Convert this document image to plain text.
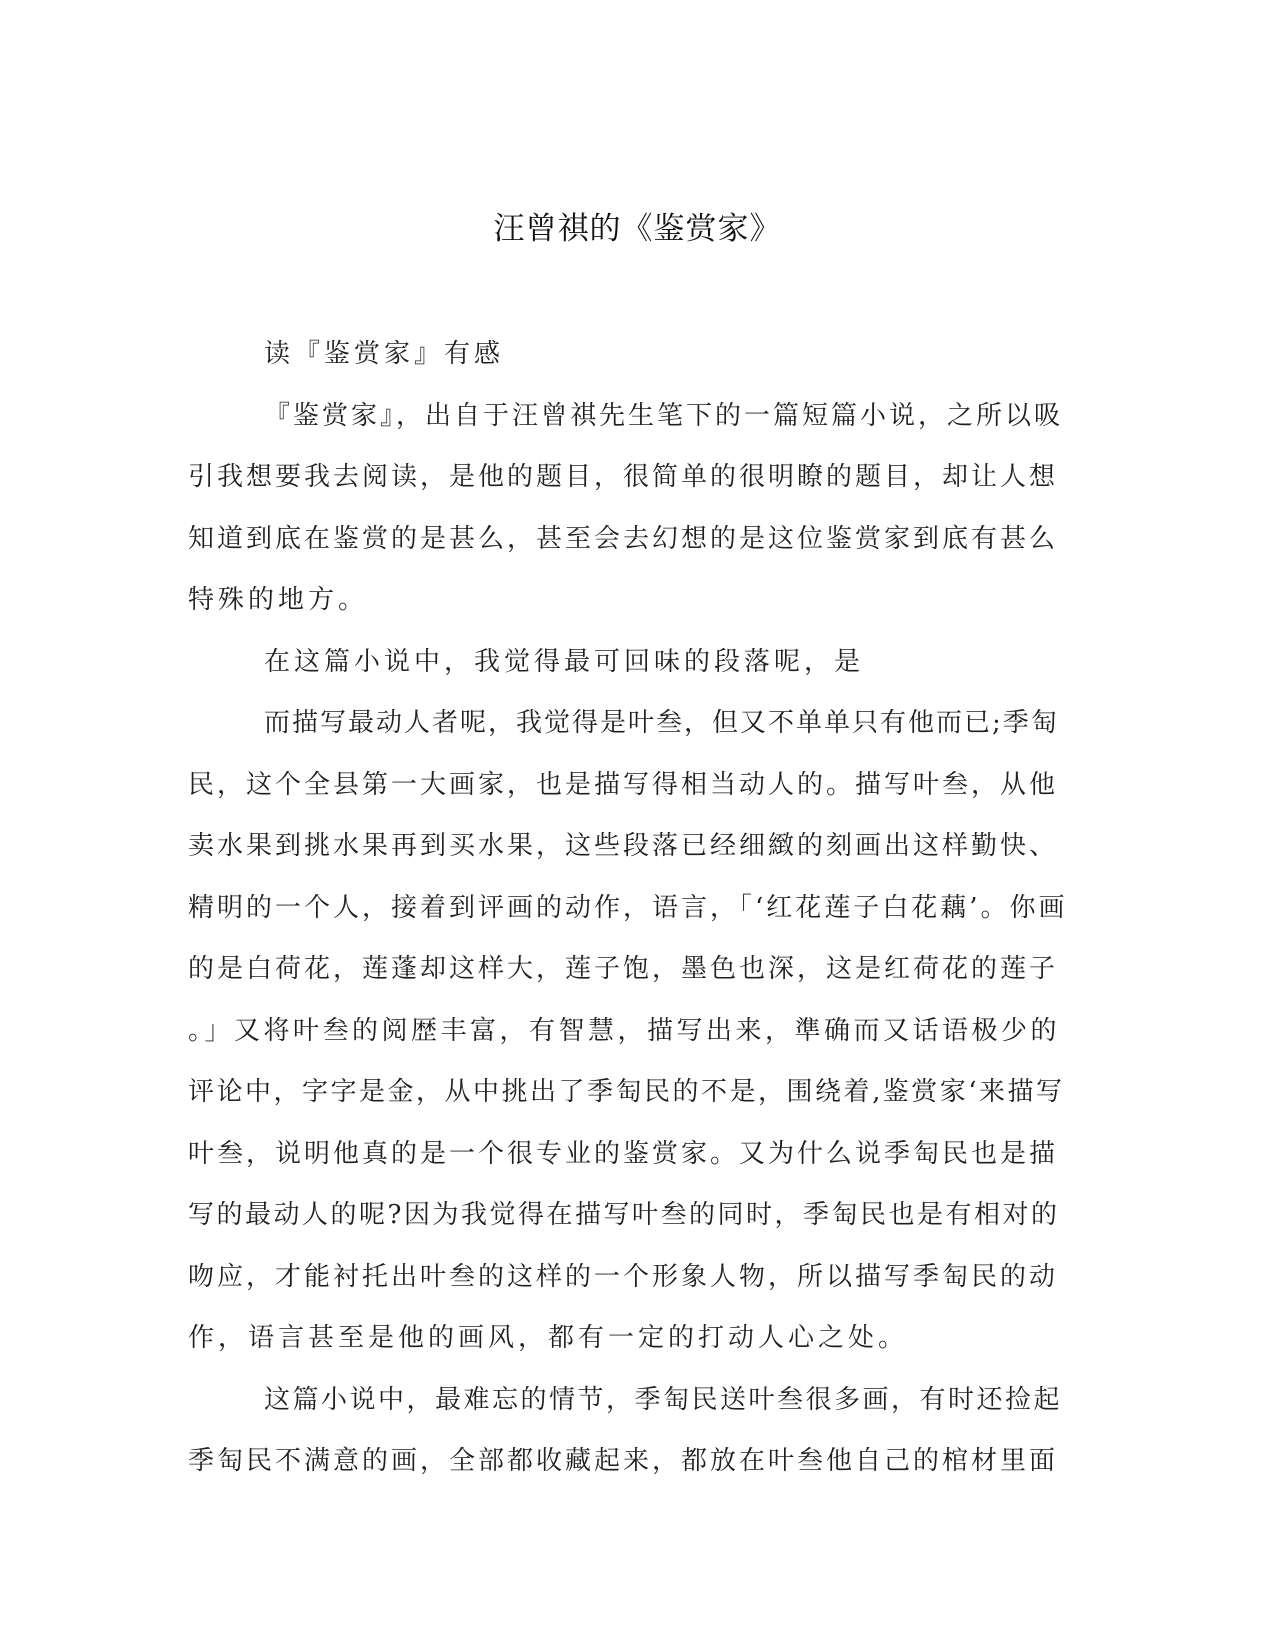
汪曾祺的《鉴赏家》
读『鉴赏家』有感
『鉴赏家』，出自于汪曾祺先生笔下的一篇短篇小说，之所以吸
引我想要我去阅读，是他的题目，很简单的很明瞭的题目，却让人想
知道到底在鉴赏的是甚么，甚至会去幻想的是这位鉴赏家到底有甚么
特殊的地方。
在这篇小说中，我觉得最可回味的段落呢，是
而描写最动人者呢，我觉得是叶叁，但又不单单只有他而已;季匋
民，这个全县第一大画家，也是描写得相当动人的。描写叶叁，从他
卖水果到挑水果再到买水果，这些段落已经细緻的刻画出这样勤快、
精明的一个人，接着到评画的动作，语言，「‘红花莲子白花藕’。你画
的是白荷花，莲蓬却这样大，莲子饱，墨色也深，这是红荷花的莲子
。」又将叶叁的阅歴丰富，有智慧，描写出来，準确而又话语极少的
评论中，字字是金，从中挑出了季匋民的不是，围绕着‚鉴赏家‘来描写
叶叁，说明他真的是一个很专业的鉴赏家。又为什么说季匋民也是描
写的最动人的呢?因为我觉得在描写叶叁的同时，季匋民也是有相对的
吻应，才能衬托出叶叁的这样的一个形象人物，所以描写季匋民的动
作，语言甚至是他的画风，都有一定的打动人心之处。
这篇小说中，最难忘的情节，季匋民送叶叁很多画，有时还捡起
季匋民不满意的画，全部都收藏起来，都放在叶叁他自己的棺材里面
